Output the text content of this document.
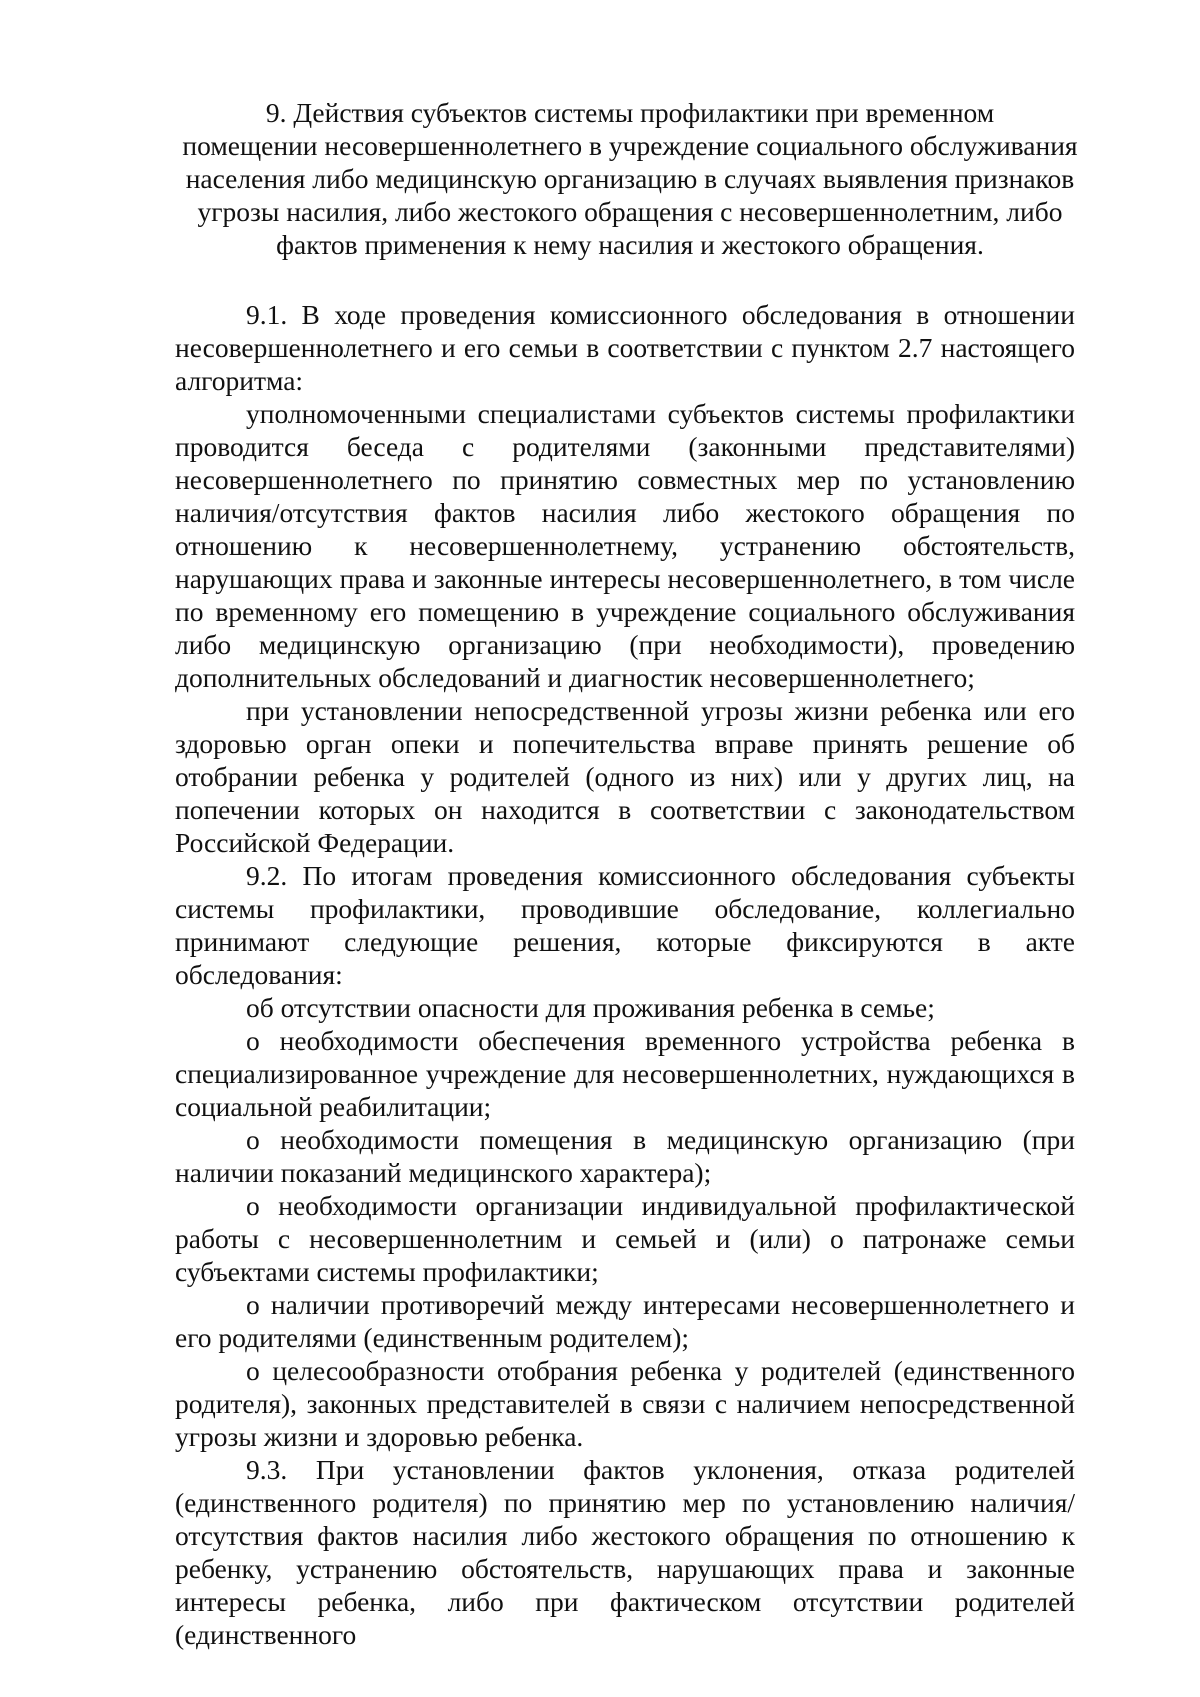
9. Действия субъектов системы профилактики при временном
помещении несовершеннолетнего в учреждение социального обслуживания
населения либо медицинскую организацию в случаях выявления признаков
угрозы насилия, либо жестокого обращения с несовершеннолетним, либо
фактов применения к нему насилия и жестокого обращения.

9.1. В ходе проведения комиссионного обследования в отношении несовершеннолетнего и его семьи в соответствии с пунктом 2.7 настоящего алгоритма:

уполномоченными специалистами субъектов системы профилактики проводится беседа с родителями (законными представителями) несовершеннолетнего по принятию совместных мер по установлению наличия/отсутствия фактов насилия либо жестокого обращения по отношению к несовершеннолетнему, устранению обстоятельств, нарушающих права и законные интересы несовершеннолетнего, в том числе по временному его помещению в учреждение социального обслуживания либо медицинскую организацию (при необходимости), проведению дополнительных обследований и диагностик несовершеннолетнего;

при установлении непосредственной угрозы жизни ребенка или его здоровью орган опеки и попечительства вправе принять решение об отобрании ребенка у родителей (одного из них) или у других лиц, на попечении которых он находится в соответствии с законодательством Российской Федерации.

9.2. По итогам проведения комиссионного обследования субъекты системы профилактики, проводившие обследование, коллегиально принимают следующие решения, которые фиксируются в акте обследования:

об отсутствии опасности для проживания ребенка в семье;

о необходимости обеспечения временного устройства ребенка в специализированное учреждение для несовершеннолетних, нуждающихся в социальной реабилитации;

о необходимости помещения в медицинскую организацию (при наличии показаний медицинского характера);

о необходимости организации индивидуальной профилактической работы с несовершеннолетним и семьей и (или) о патронаже семьи субъектами системы профилактики;

о наличии противоречий между интересами несовершеннолетнего и его родителями (единственным родителем);

о целесообразности отобрания ребенка у родителей (единственного родителя), законных представителей в связи с наличием непосредственной угрозы жизни и здоровью ребенка.

9.3. При установлении фактов уклонения, отказа родителей (единственного родителя) по принятию мер по установлению наличия/отсутствия фактов насилия либо жестокого обращения по отношению к ребенку, устранению обстоятельств, нарушающих права и законные интересы ребенка, либо при фактическом отсутствии родителей (единственного
